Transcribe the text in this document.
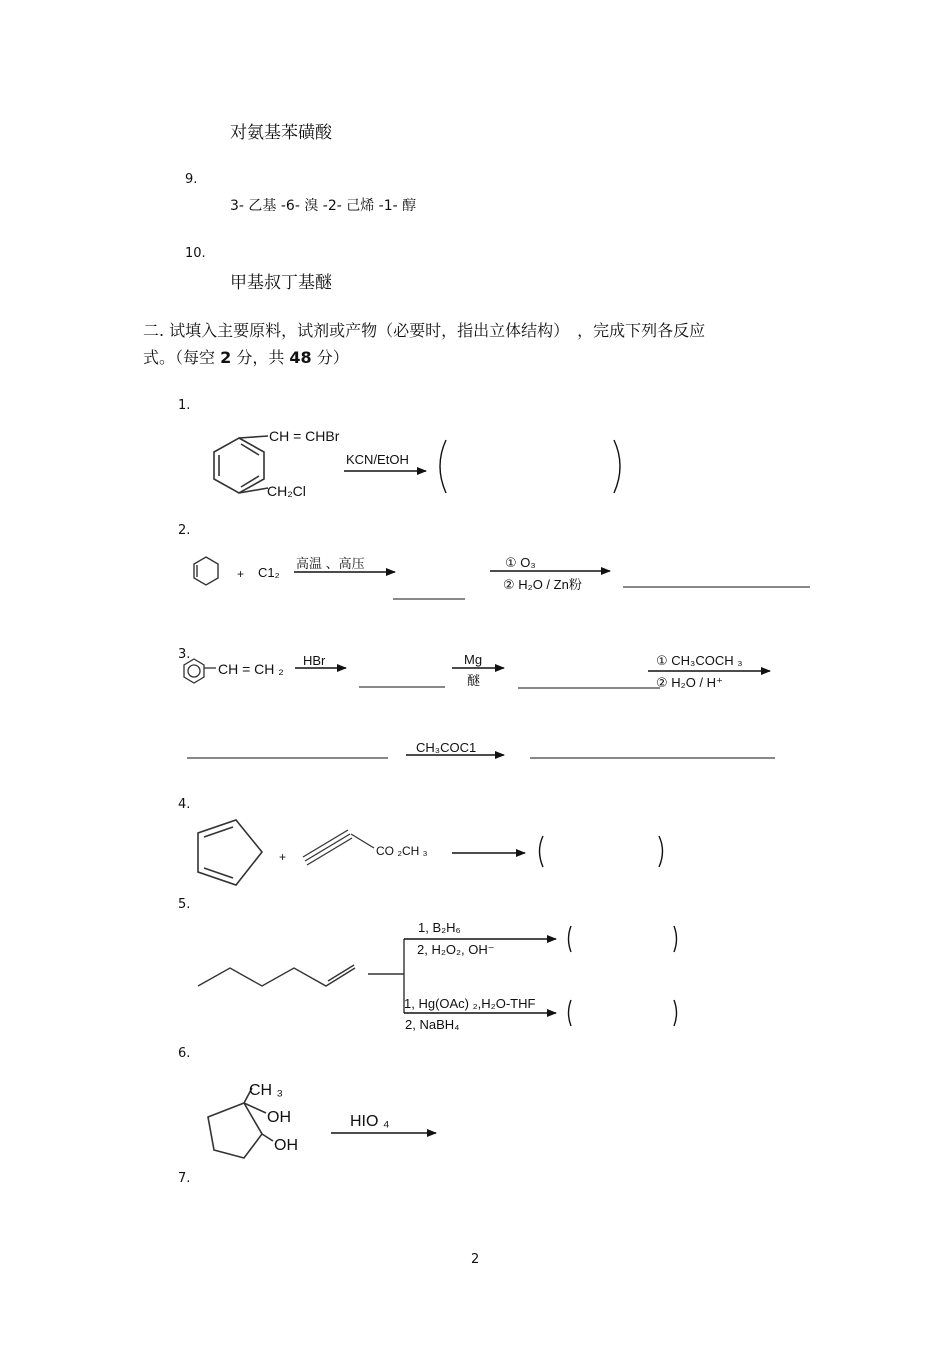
对氨基苯磺酸
9.
3- 乙基 -6- 溴 -2- 己烯 -1- 醇
10.
甲基叔丁基醚
二. 试填入主要原料，试剂或产物（必要时，指出立体结构）　，完成下列各反应
式。（每空 2 分，共 48 分）
1.
2.
3.
4.
5.
6.
7.
2
CH = CHBr
CH₂Cl
KCN/EtOH
+ C1₂
高温 、高压	① O₃
② H₂O / Zn粉
CH = CH ₂
HBr	Mg
醚
① CH₃COCH ₃
② H₂O / H⁺
CH₃COC1
+	CO ₂CH ₃
1, B₂H₆
2, H₂O₂, OH⁻
1, Hg(OAc) ₂,H₂O-THF
2, NaBH₄
CH ₃
OH
OH
HIO ₄
